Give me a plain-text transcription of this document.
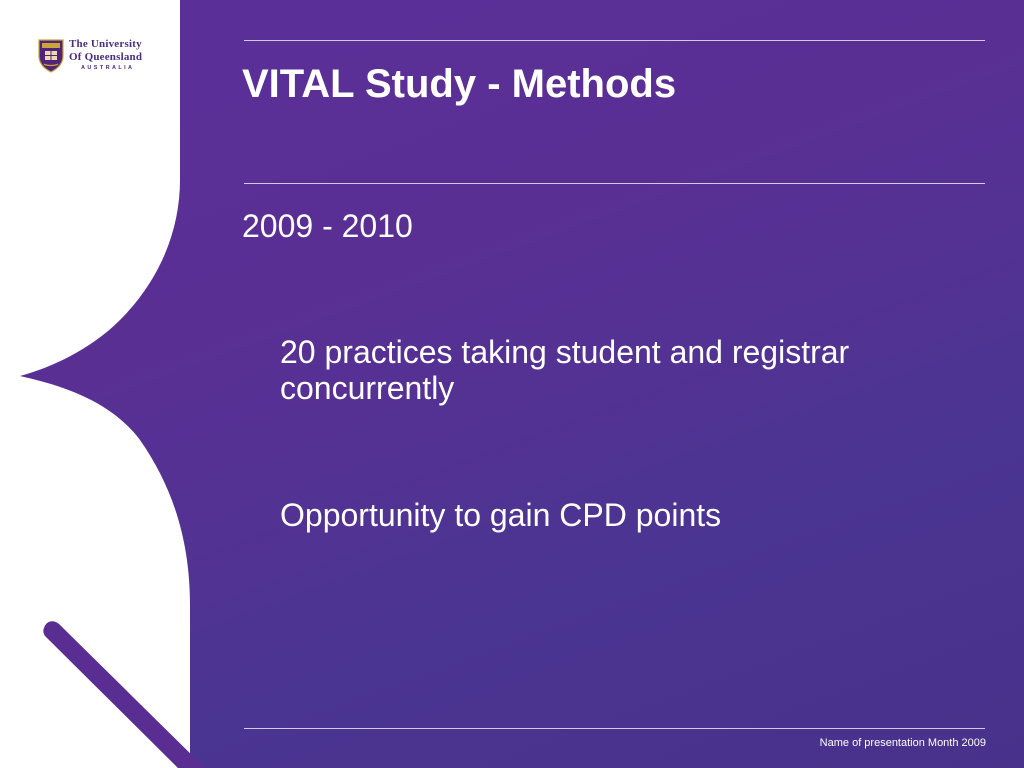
The University
Of Queensland
AUSTRALIA	VITAL Study - Methods

2009 - 2010

20 practices taking student and registrar concurrently

Opportunity to gain CPD points

Name of presentation Month 2009
